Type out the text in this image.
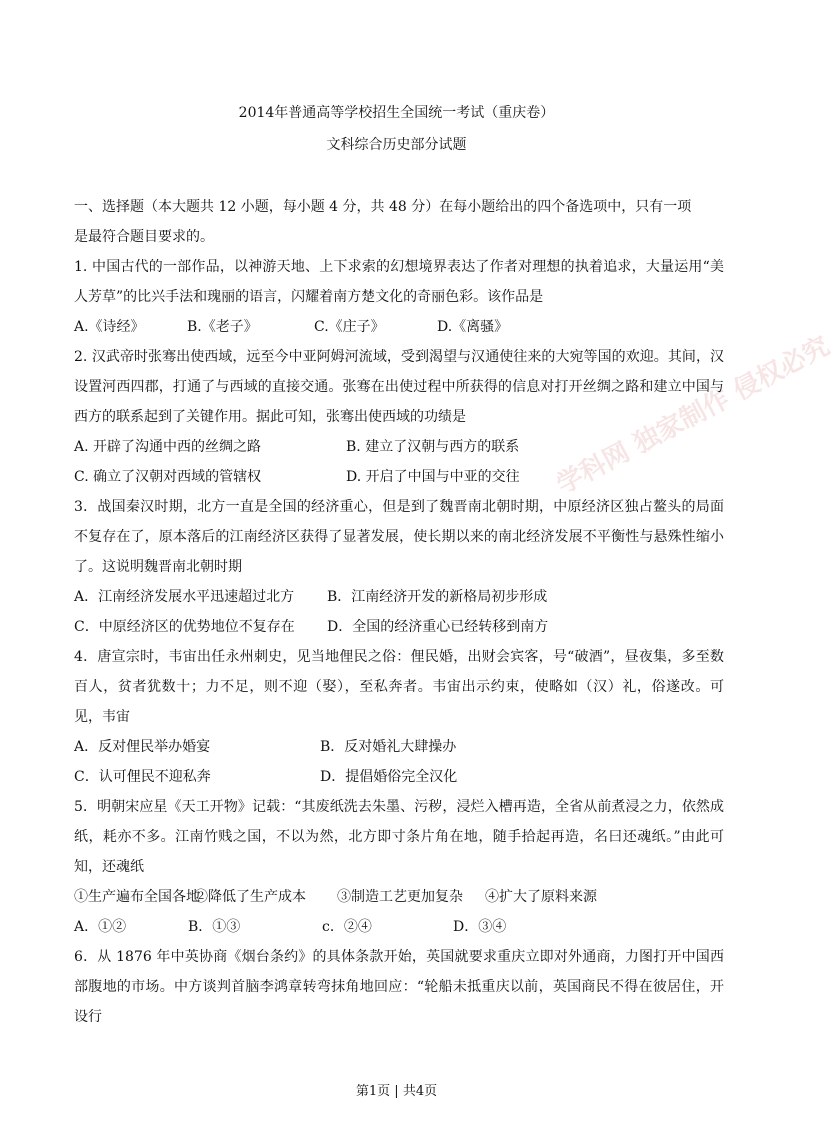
2014年普通高等学校招生全国统一考试（重庆卷）
文科综合历史部分试题
学科网 独家制作 侵权必究

一、选择题（本大题共 12 小题，每小题 4 分，共 48 分）在每小题给出的四个备选项中，只有一项

是最符合题目要求的。

1. 中国古代的一部作品，以神游天地、上下求索的幻想境界表达了作者对理想的执着追求，大量运用“美人芳草”的比兴手法和瑰丽的语言，闪耀着南方楚文化的奇丽色彩。该作品是

A.《诗经》	B.《老子》	C.《庄子》	D.《离骚》

2. 汉武帝时张骞出使西域，远至今中亚阿姆河流域，受到渴望与汉通使往来的大宛等国的欢迎。其间，汉设置河西四郡，打通了与西域的直接交通。张骞在出使过程中所获得的信息对打开丝绸之路和建立中国与西方的联系起到了关键作用。据此可知，张骞出使西域的功绩是

A. 开辟了沟通中西的丝绸之路	B. 建立了汉朝与西方的联系
C. 确立了汉朝对西域的管辖权	D. 开启了中国与中亚的交往

3．战国秦汉时期，北方一直是全国的经济重心，但是到了魏晋南北朝时期，中原经济区独占鳌头的局面不复存在了，原本落后的江南经济区获得了显著发展，使长期以来的南北经济发展不平衡性与悬殊性缩小了。这说明魏晋南北朝时期

A．江南经济发展水平迅速超过北方	B．江南经济开发的新格局初步形成
C．中原经济区的优势地位不复存在	D．全国的经济重心已经转移到南方

4．唐宣宗时，韦宙出任永州刺史，见当地俚民之俗：俚民婚，出财会宾客，号“破酒”，昼夜集，多至数百人，贫者犹数十；力不足，则不迎（娶），至私奔者。韦宙出示约束，使略如（汉）礼，俗遂改。可见，韦宙

A．反对俚民举办婚宴	B．反对婚礼大肆操办
C．认可俚民不迎私奔	D．提倡婚俗完全汉化

5．明朝宋应星《天工开物》记载：“其废纸洗去朱墨、污秽，浸烂入槽再造，全省从前煮浸之力，依然成纸，耗亦不多。江南竹贱之国，不以为然，北方即寸条片角在地，随手拾起再造，名曰还魂纸。”由此可知，还魂纸

①生产遍布全国各地
②降低了生产成本	③制造工艺更加复杂	④扩大了原料来源
A．①②	B．①③	c．②④	D．③④

6．从 1876 年中英协商《烟台条约》的具体条款开始，英国就要求重庆立即对外通商，力图打开中国西部腹地的市场。中方谈判首脑李鸿章转弯抹角地回应：“轮船未抵重庆以前，英国商民不得在彼居住，开设行

第1页 | 共4页
